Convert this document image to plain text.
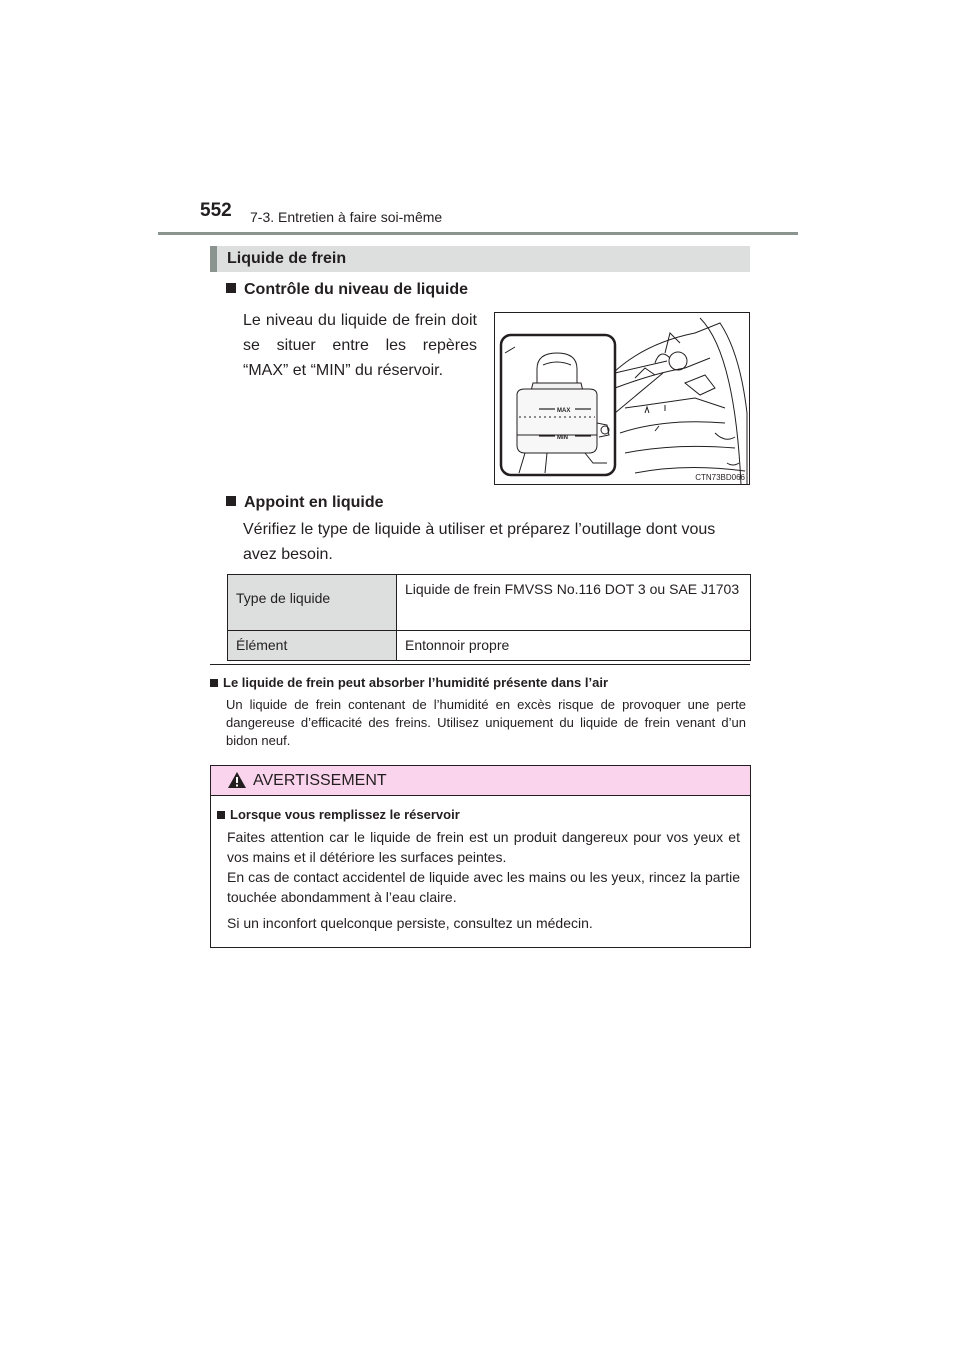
552 7-3. Entretien à faire soi-même
Liquide de frein
Contrôle du niveau de liquide
Le niveau du liquide de frein doit se situer entre les repères “MAX” et “MIN” du réservoir.
MAX
MIN
CTN73BD066
Appoint en liquide
Vérifiez le type de liquide à utiliser et préparez l’outillage dont vous avez besoin.
Type de liquide	Liquide de frein FMVSS No.116 DOT 3 ou SAE J1703
Élément	Entonnoir propre
Le liquide de frein peut absorber l’humidité présente dans l’air
Un liquide de frein contenant de l’humidité en excès risque de provoquer une perte dangereuse d’efficacité des freins. Utilisez uniquement du liquide de frein venant d’un bidon neuf.
AVERTISSEMENT
Lorsque vous remplissez le réservoir
Faites attention car le liquide de frein est un produit dangereux pour vos yeux et vos mains et il détériore les surfaces peintes.
En cas de contact accidentel de liquide avec les mains ou les yeux, rincez la partie touchée abondamment à l’eau claire.
Si un inconfort quelconque persiste, consultez un médecin.
